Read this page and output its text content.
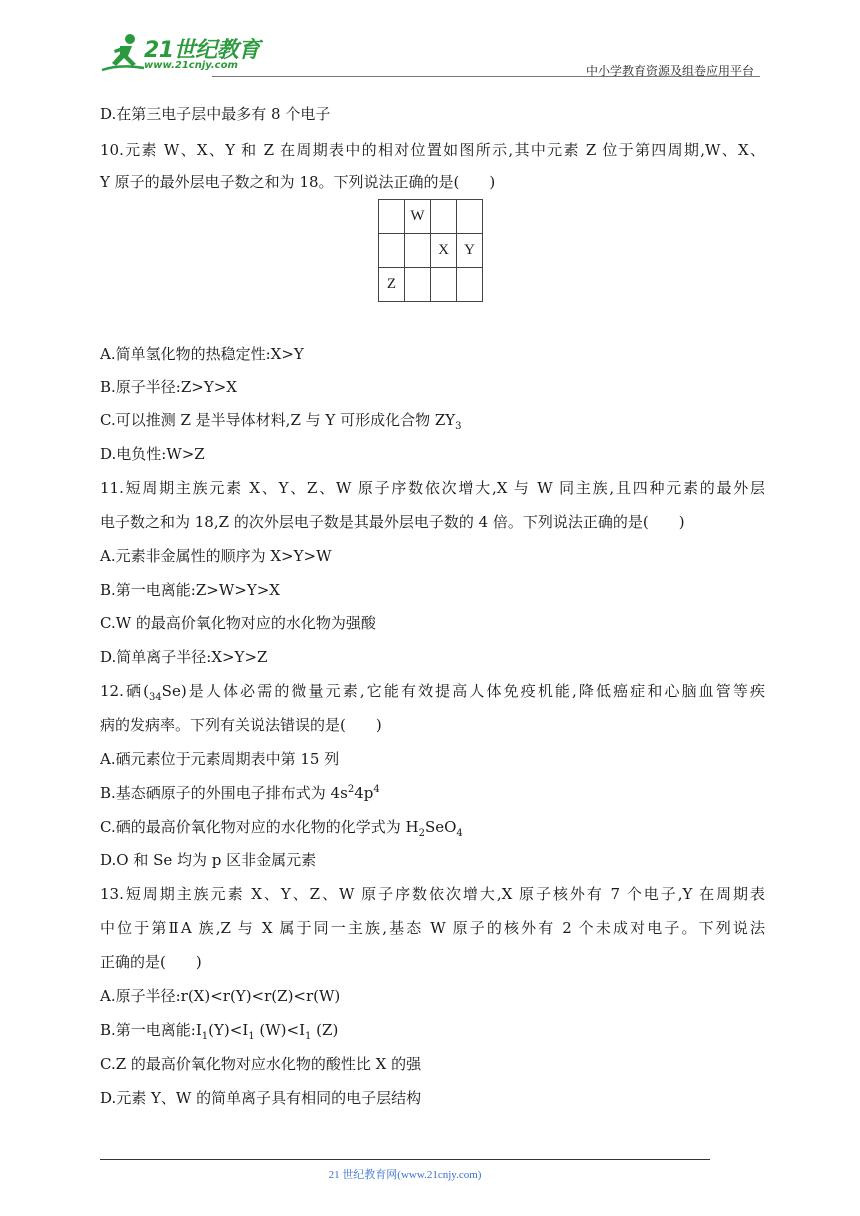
21世纪教育
www.21cnjy.com	中小学教育资源及组卷应用平台
D.在第三电子层中最多有 8 个电子
10.元素 W、X、Y 和 Z 在周期表中的相对位置如图所示,其中元素 Z 位于第四周期,W、X、
Y 原子的最外层电子数之和为 18。下列说法正确的是(　　)
A.简单氢化物的热稳定性:X>Y
B.原子半径:Z>Y>X
C.可以推测 Z 是半导体材料,Z 与 Y 可形成化合物 $ZY_3$
D.电负性:W>Z
11.短周期主族元素 X、Y、Z、W 原子序数依次增大,X 与 W 同主族,且四种元素的最外层
电子数之和为 18,Z 的次外层电子数是其最外层电子数的 4 倍。下列说法正确的是(　　)
A.元素非金属性的顺序为 X>Y>W
B.第一电离能:Z>W>Y>X
C.W 的最高价氧化物对应的水化物为强酸
D.简单离子半径:X>Y>Z
12.硒$(_{34}Se)$是人体必需的微量元素,它能有效提高人体免疫机能,降低癌症和心脑血管等疾
病的发病率。下列有关说法错误的是(　　)
A.硒元素位于元素周期表中第 15 列
B.基态硒原子的外围电子排布式为 $4s^24p^4$
C.硒的最高价氧化物对应的水化物的化学式为 $H_2SeO_4$
D.O 和 Se 均为 p 区非金属元素
13.短周期主族元素 X、Y、Z、W 原子序数依次增大,X 原子核外有 7 个电子,Y 在周期表
中位于第ⅡA 族,Z 与 X 属于同一主族,基态 W 原子的核外有 2 个未成对电子。下列说法
正确的是(　　)
A.原子半径:r(X)<r(Y)<r(Z)<r(W)
B.第一电离能$:I_1(Y)<I_1$ $(W)<I_1$ (Z)
C.Z 的最高价氧化物对应水化物的酸性比 X 的强
D.元素 Y、W 的简单离子具有相同的电子层结构
	W		
		X	Y
Z			
21 世纪教育网(www.21cnjy.com)
